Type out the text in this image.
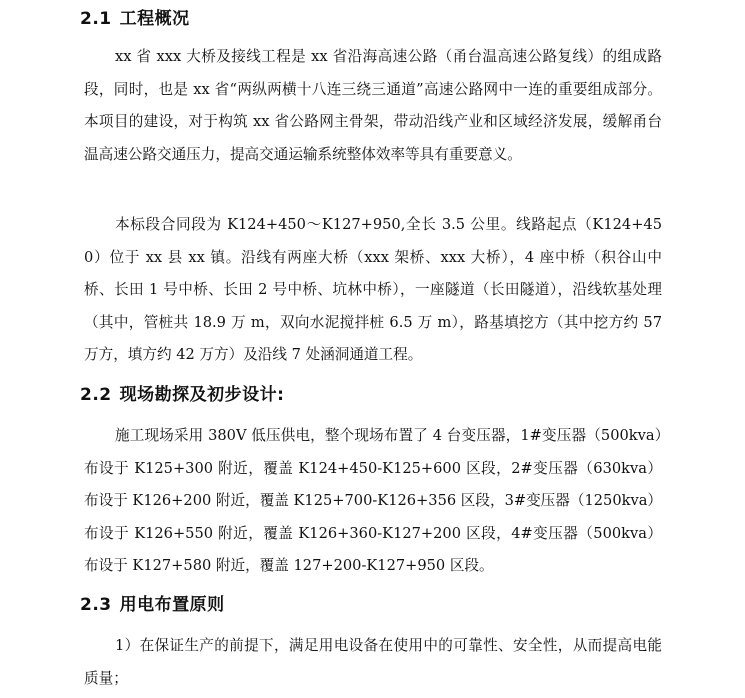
2.1 工程概况
xx 省 xxx 大桥及接线工程是 xx 省沿海高速公路（甬台温高速公路复线）的组成路段，同时，也是 xx 省“两纵两横十八连三绕三通道”高速公路网中一连的重要组成部分。本项目的建设，对于构筑 xx 省公路网主骨架，带动沿线产业和区域经济发展，缓解甬台温高速公路交通压力，提高交通运输系统整体效率等具有重要意义。
本标段合同段为 K124+450～K127+950,全长 3.5 公里。线路起点（K124+450）位于 xx 县 xx 镇。沿线有两座大桥（xxx 架桥、xxx 大桥），4 座中桥（积谷山中桥、长田 1 号中桥、长田 2 号中桥、坑林中桥），一座隧道（长田隧道），沿线软基处理（其中，管桩共 18.9 万 m，双向水泥搅拌桩 6.5 万 m），路基填挖方（其中挖方约 57 万方，填方约 42 万方）及沿线 7 处涵洞通道工程。
2.2 现场勘探及初步设计:
施工现场采用 380V 低压供电，整个现场布置了 4 台变压器，1#变压器（500kva）布设于 K125+300 附近，覆盖 K124+450-K125+600 区段，2#变压器（630kva）布设于 K126+200 附近，覆盖 K125+700-K126+356 区段，3#变压器（1250kva）布设于 K126+550 附近，覆盖 K126+360-K127+200 区段，4#变压器（500kva）布设于 K127+580 附近，覆盖 127+200-K127+950 区段。
2.3 用电布置原则
1）在保证生产的前提下，满足用电设备在使用中的可靠性、安全性，从而提高电能质量；
